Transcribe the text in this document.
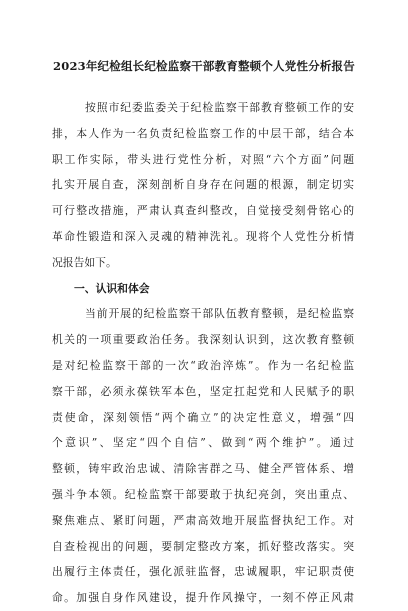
2023年纪检组长纪检监察干部教育整顿个人党性分析报告
按照市纪委监委关于纪检监察干部教育整顿工作的安
排，本人作为一名负责纪检监察工作的中层干部，结合本
职工作实际，带头进行党性分析，对照“六个方面”问题
扎实开展自查，深刻剖析自身存在问题的根源，制定切实
可行整改措施，严肃认真查纠整改，自觉接受刻骨铭心的
革命性锻造和深入灵魂的精神洗礼。现将个人党性分析情
况报告如下。
一、认识和体会
当前开展的纪检监察干部队伍教育整顿，是纪检监察
机关的一项重要政治任务。我深刻认识到，这次教育整顿
是对纪检监察干部的一次“政治淬炼”。作为一名纪检监
察干部，必须永葆铁军本色，坚定扛起党和人民赋予的职
责使命，深刻领悟“两个确立”的决定性意义，增强“四
个意识”、坚定“四个自信”、做到“两个维护”。通过
整顿，铸牢政治忠诚、清除害群之马、健全严管体系、增
强斗争本领。纪检监察干部要敢于执纪亮剑，突出重点、
聚焦难点、紧盯问题，严肃高效地开展监督执纪工作。对
自查检视出的问题，要制定整改方案，抓好整改落实。突
出履行主体责任，强化派驻监督，忠诚履职，牢记职责使
命。加强自身作风建设，提升作风操守，一刻不停正风肃
